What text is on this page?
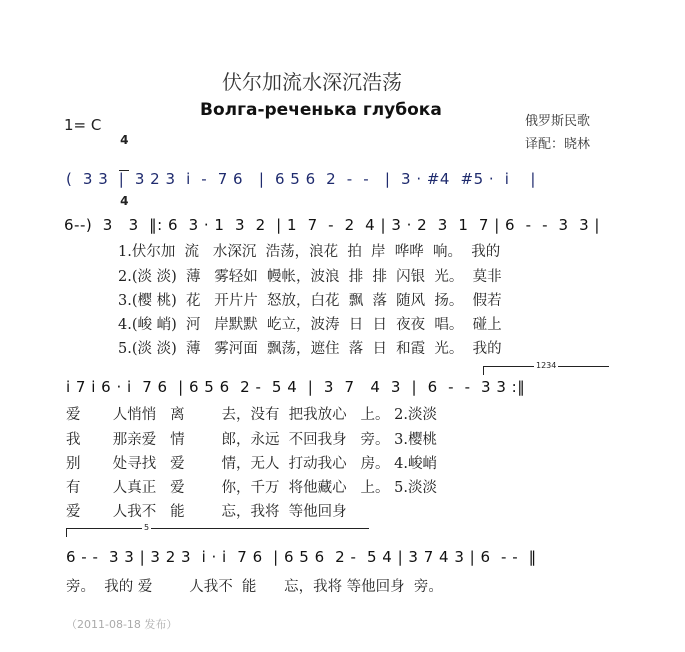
伏尔加流水深沉浩荡
Волга-реченька глубока
1= C

4

4

俄罗斯民歌
译配：晓林
(  3 3  |  3 2 3  i  -  7 6   |  6 5 6  2  -  -   |  3 · #4  #5 ·  i    |
6--)  3   3  ‖: 6  3 · 1  3  2  | 1  7  -  2  4 | 3 · 2  3  1  7 | 6  -  -  3  3 |
1.伏尔加  流   水深沉  浩荡，浪花  拍  岸  哗哗  响。  我的
2.(淡 淡)  薄   雾轻如  幔帐，波浪  排  排  闪银  光。  莫非
3.(樱 桃)  花   开片片  怒放，白花  飘  落  随风  扬。  假若
4.(峻 峭)  河   岸默默  屹立，波涛  日  日  夜夜  唱。  碰上
5.(淡 淡)  薄   雾河面  飘荡，遮住  落  日  和霞  光。  我的

1234

i 7 i 6 · i  7 6  | 6 5 6  2 -  5 4  |  3  7   4  3  |  6  -  -  3 3 :‖
爱       人悄悄   离        去，没有  把我放心   上。 2.淡淡
我       那亲爱   情        郎，永远  不回我身   旁。 3.樱桃
别       处寻找   爱        情，无人  打动我心   房。 4.峻峭
有       人真正   爱        你，千万  将他藏心   上。 5.淡淡
爱       人我不   能        忘，我将  等他回身

5

6 - -  3 3 | 3 2 3  i · i  7 6  | 6 5 6  2 -  5 4 | 3 7 4 3 | 6  - -  ‖
旁。  我的 爱        人我不  能      忘，我将 等他回身  旁。
（2011-08-18 发布）
